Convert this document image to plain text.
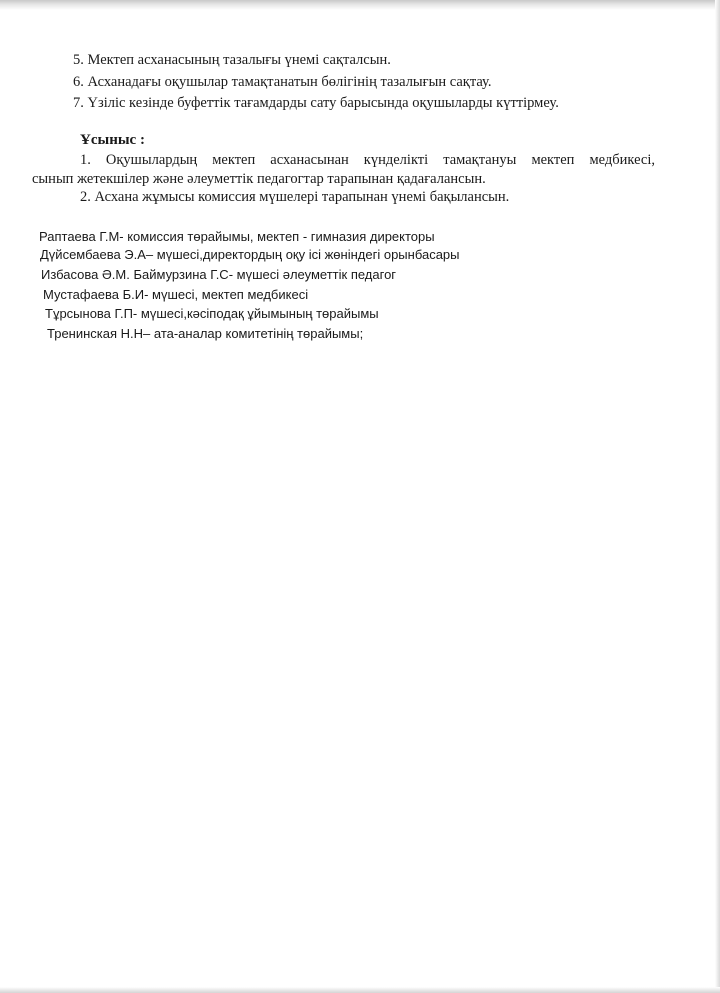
5. Мектеп асханасының тазалығы үнемі сақталсын.
6. Асханадағы оқушылар тамақтанатын бөлігінің тазалығын сақтау.
7. Үзіліс кезінде буфеттік тағамдарды сату барысында оқушыларды күттірмеу.
Ұсыныс :
1. Оқушылардың мектеп асханасынан күнделікті тамақтануы мектеп медбикесі,
сынып жетекшілер және әлеуметтік педагогтар тарапынан қадағалансын.
2. Асхана жұмысы комиссия мүшелері тарапынан үнемі бақылансын.
Раптаева Г.М- комиссия төрайымы, мектеп - гимназия директоры
Дүйсембаева Э.А– мүшесі,директордың оқу ісі жөніндегі орынбасары
Избасова Ә.М. Баймурзина Г.С- мүшесі әлеуметтік педагог
Мустафаева Б.И- мүшесі, мектеп медбикесі
Тұрсынова Г.П- мүшесі,кәсіподақ ұйымының төрайымы
Тренинская Н.Н– ата-аналар комитетінің төрайымы;
